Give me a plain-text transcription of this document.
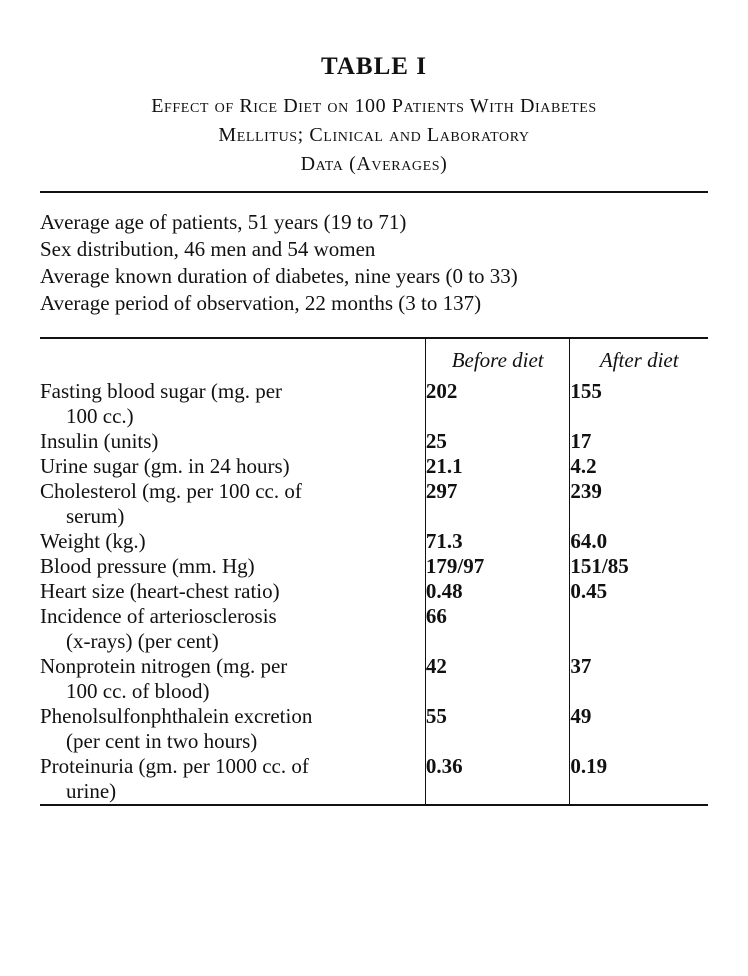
TABLE I
Effect of Rice Diet on 100 Patients With Diabetes
Mellitus; Clinical and Laboratory
Data (Averages)
Average age of patients, 51 years (19 to 71)
Sex distribution, 46 men and 54 women
Average known duration of diabetes, nine years (0 to 33)
Average period of observation, 22 months (3 to 137)
	Before diet	After diet
Fasting blood sugar (mg. per
100 cc.)	202	155
Insulin (units)	25	17
Urine sugar (gm. in 24 hours)	21.1	4.2
Cholesterol (mg. per 100 cc. of
serum)	297	239
Weight (kg.)	71.3	64.0
Blood pressure (mm. Hg)	179/97	151/85
Heart size (heart-chest ratio)	0.48	0.45
Incidence of arteriosclerosis
(x-rays) (per cent)	66	
Nonprotein nitrogen (mg. per
100 cc. of blood)	42	37
Phenolsulfonphthalein excretion
(per cent in two hours)	55	49
Proteinuria (gm. per 1000 cc. of
urine)	0.36	0.19
